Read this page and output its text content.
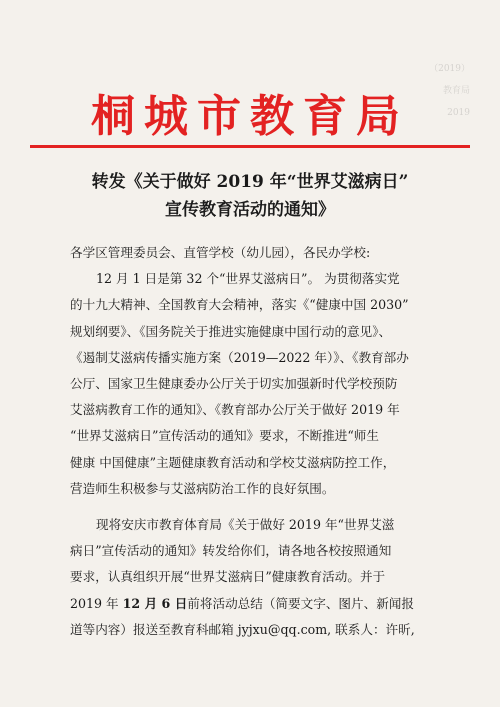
（2019）
教育局
2019
桐城市教育局
转发《关于做好 2019 年“世界艾滋病日”
宣传教育活动的通知》
各学区管理委员会、直管学校（幼儿园），各民办学校:
12 月 1 日是第 32 个“世界艾滋病日”。 为贯彻落实党
的十九大精神、全国教育大会精神，落实《“健康中国 2030”
规划纲要》、《国务院关于推进实施健康中国行动的意见》、
《遏制艾滋病传播实施方案（2019—2022 年）》、《教育部办
公厅、国家卫生健康委办公厅关于切实加强新时代学校预防
艾滋病教育工作的通知》、《教育部办公厅关于做好 2019 年
“世界艾滋病日”宣传活动的通知》要求，不断推进“师生
健康 中国健康”主题健康教育活动和学校艾滋病防控工作，
营造师生积极参与艾滋病防治工作的良好氛围。
现将安庆市教育体育局《关于做好 2019 年“世界艾滋
病日”宣传活动的通知》转发给你们，请各地各校按照通知
要求，认真组织开展“世界艾滋病日”健康教育活动。并于
2019 年 12 月 6 日前将活动总结（简要文字、图片、新闻报
道等内容）报送至教育科邮箱 jyjxu@qq.com, 联系人：许昕,
